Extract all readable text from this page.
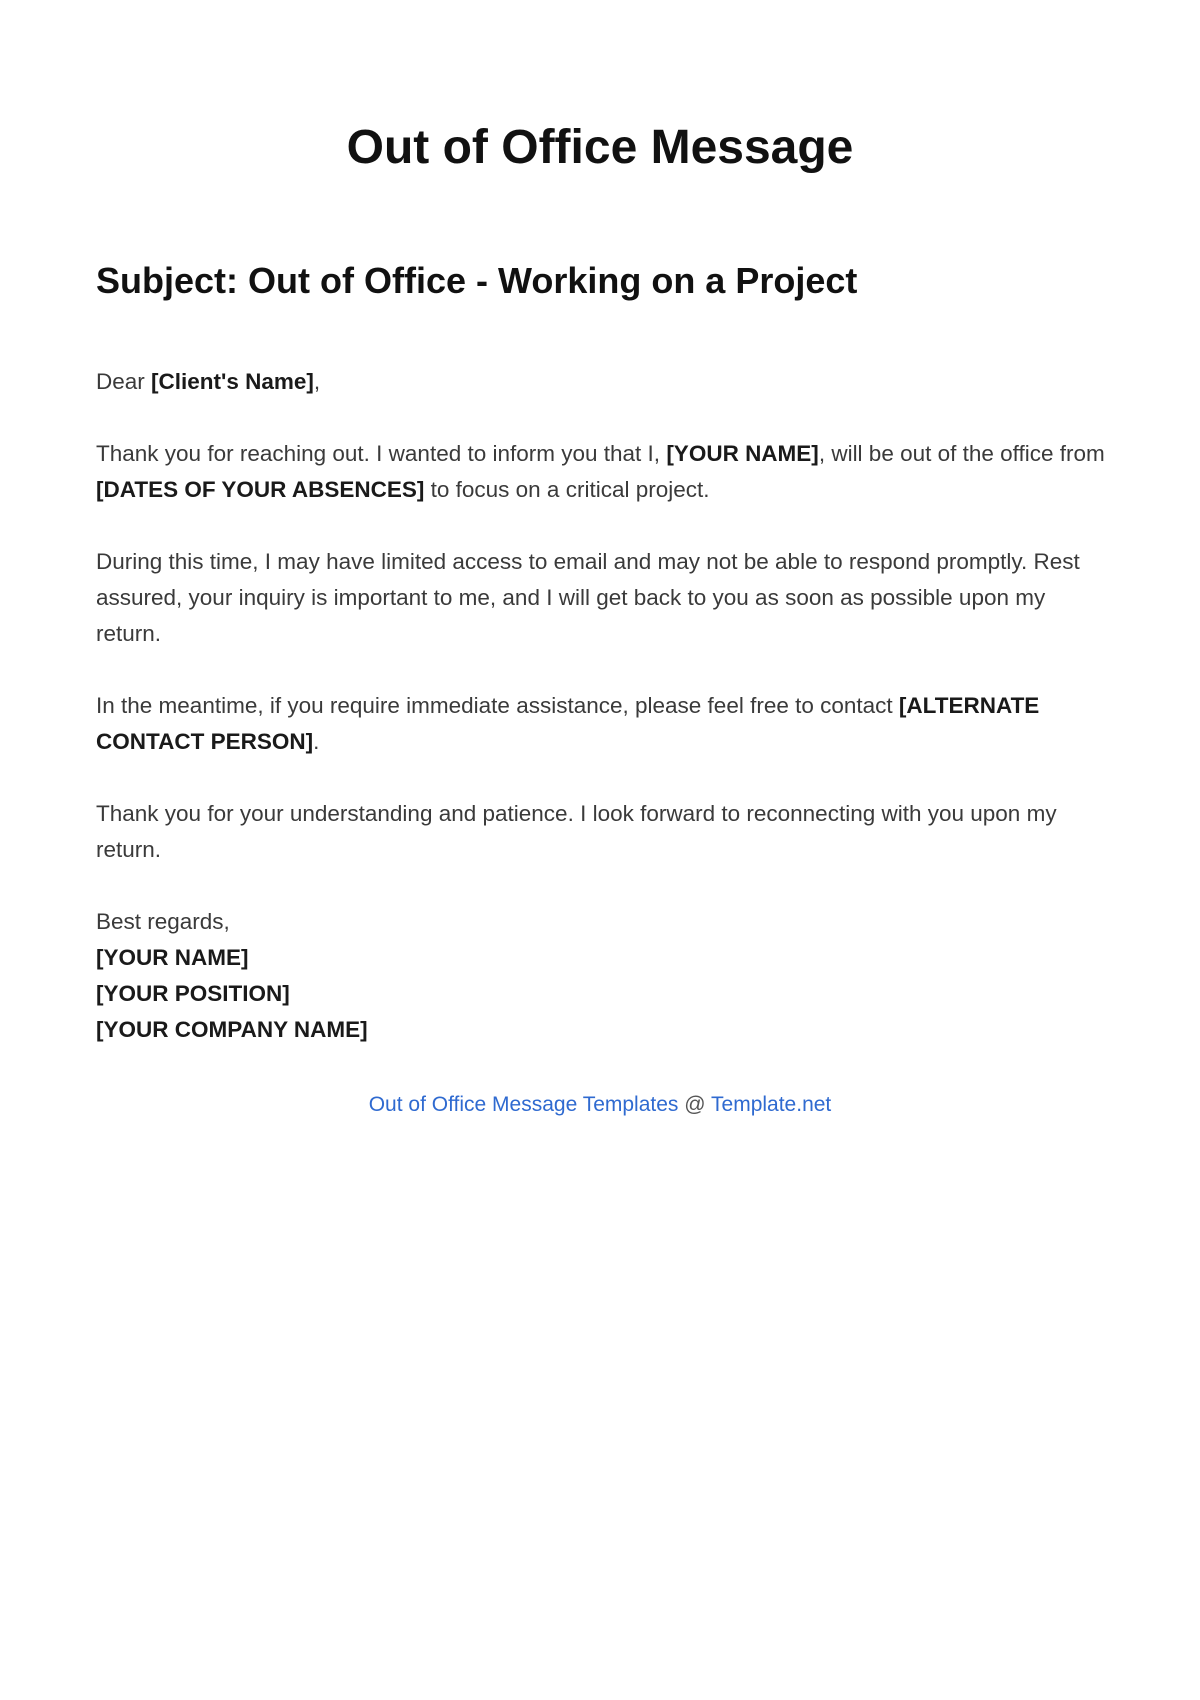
Out of Office Message
Subject: Out of Office - Working on a Project

Dear [Client's Name],

Thank you for reaching out. I wanted to inform you that I, [YOUR NAME], will be out of the office from [DATES OF YOUR ABSENCES] to focus on a critical project.

During this time, I may have limited access to email and may not be able to respond promptly. Rest assured, your inquiry is important to me, and I will get back to you as soon as possible upon my return.

In the meantime, if you require immediate assistance, please feel free to contact [ALTERNATE CONTACT PERSON].

Thank you for your understanding and patience. I look forward to reconnecting with you upon my return.

Best regards,
[YOUR NAME]
[YOUR POSITION]
[YOUR COMPANY NAME]

Out of Office Message Templates @ Template.net
